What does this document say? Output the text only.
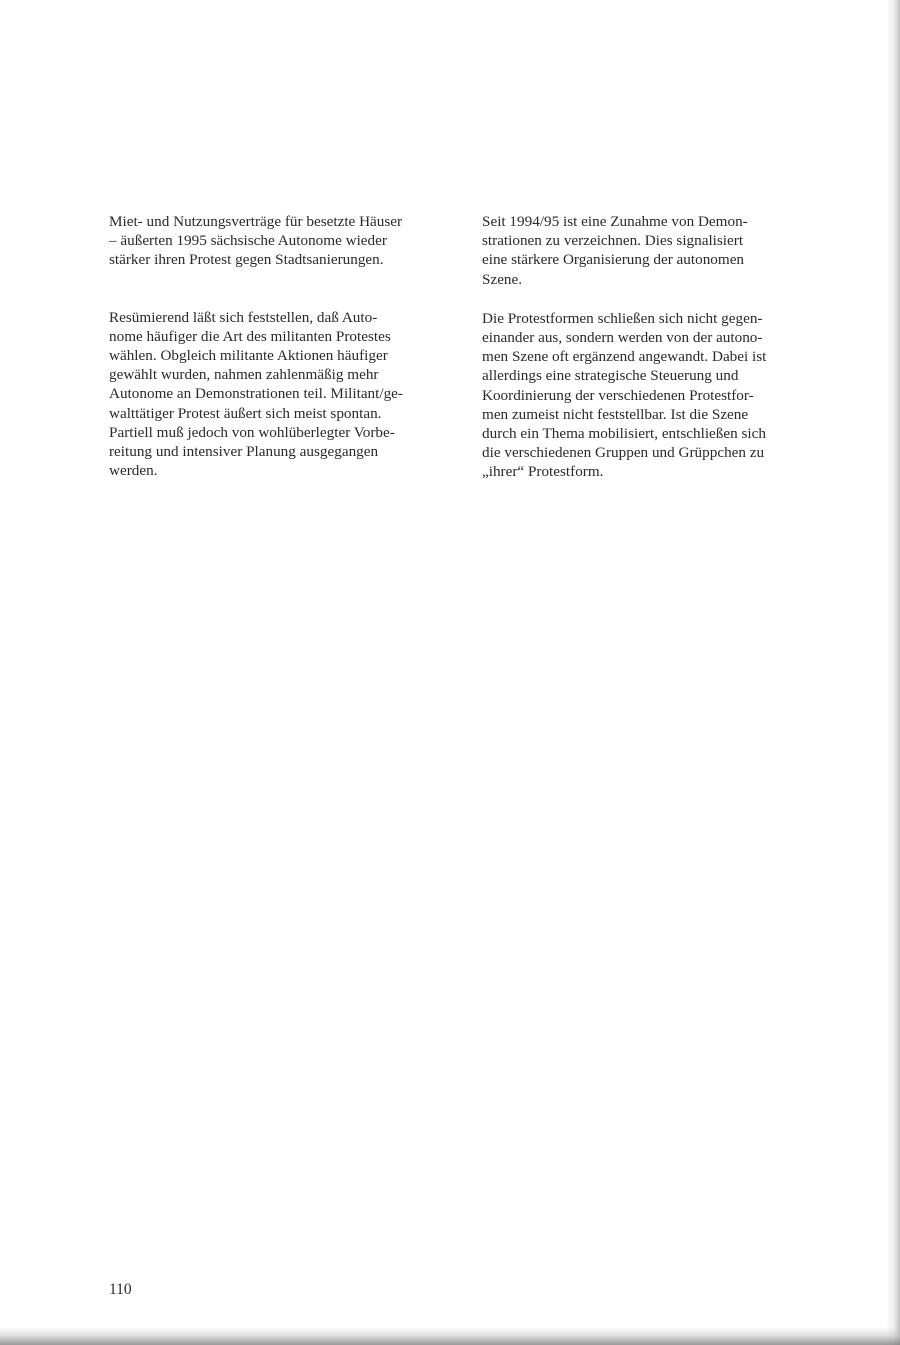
Miet- und Nutzungsverträge für besetzte Häuser
– äußerten 1995 sächsische Autonome wieder
stärker ihren Protest gegen Stadtsanierungen.

Resümierend läßt sich feststellen, daß Auto-
nome häufiger die Art des militanten Protestes
wählen. Obgleich militante Aktionen häufiger
gewählt wurden, nahmen zahlenmäßig mehr
Autonome an Demonstrationen teil. Militant/ge-
walttätiger Protest äußert sich meist spontan.
Partiell muß jedoch von wohlüberlegter Vorbe-
reitung und intensiver Planung ausgegangen
werden.

Seit 1994/95 ist eine Zunahme von Demon-
strationen zu verzeichnen. Dies signalisiert
eine stärkere Organisierung der autonomen
Szene.

Die Protestformen schließen sich nicht gegen-
einander aus, sondern werden von der autono-
men Szene oft ergänzend angewandt. Dabei ist
allerdings eine strategische Steuerung und
Koordinierung der verschiedenen Protestfor-
men zumeist nicht feststellbar. Ist die Szene
durch ein Thema mobilisiert, entschließen sich
die verschiedenen Gruppen und Grüppchen zu
„ihrer“ Protestform.

110
